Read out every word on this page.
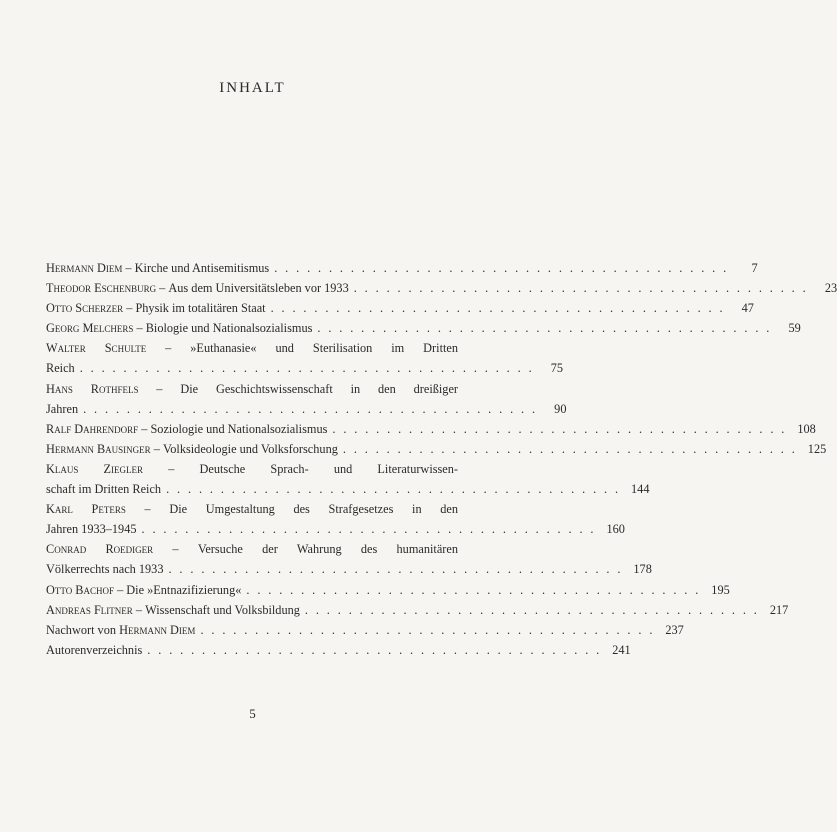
INHALT
Hermann Diem – Kirche und Antisemitismus . . . . . . . . . . . . . . . . . . . . . . . . . . . . . . . . . . . . . . . . . .	7
Theodor Eschenburg – Aus dem Universitätsleben vor 1933 . . . . . . . . . . . . . . . . . . . . . . . . . . . . . . . . . . . . . . . . . .	23
Otto Scherzer – Physik im totalitären Staat . . . . . . . . . . . . . . . . . . . . . . . . . . . . . . . . . . . . . . . . . .	47
Georg Melchers – Biologie und Nationalsozialismus . . . . . . . . . . . . . . . . . . . . . . . . . . . . . . . . . . . . . . . . . .	59
Walter Schulte – »Euthanasie« und Sterilisation im Dritten
Reich . . . . . . . . . . . . . . . . . . . . . . . . . . . . . . . . . . . . . . . . . .	75
Hans Rothfels – Die Geschichtswissenschaft in den dreißiger
Jahren . . . . . . . . . . . . . . . . . . . . . . . . . . . . . . . . . . . . . . . . . .	90
Ralf Dahrendorf – Soziologie und Nationalsozialismus . . . . . . . . . . . . . . . . . . . . . . . . . . . . . . . . . . . . . . . . . . 108
Hermann Bausinger – Volksideologie und Volksforschung . . . . . . . . . . . . . . . . . . . . . . . . . . . . . . . . . . . . . . . . . . 125
Klaus Ziegler – Deutsche Sprach- und Literaturwissen-
schaft im Dritten Reich . . . . . . . . . . . . . . . . . . . . . . . . . . . . . . . . . . . . . . . . . . 144
Karl Peters – Die Umgestaltung des Strafgesetzes in den
Jahren 1933–1945 . . . . . . . . . . . . . . . . . . . . . . . . . . . . . . . . . . . . . . . . . . 160
Conrad Roediger – Versuche der Wahrung des humanitären
Völkerrechts nach 1933 . . . . . . . . . . . . . . . . . . . . . . . . . . . . . . . . . . . . . . . . . . 178
Otto Bachof – Die »Entnazifizierung« . . . . . . . . . . . . . . . . . . . . . . . . . . . . . . . . . . . . . . . . . . 195
Andreas Flitner – Wissenschaft und Volksbildung . . . . . . . . . . . . . . . . . . . . . . . . . . . . . . . . . . . . . . . . . . 217
Nachwort von
Hermann Diem . . . . . . . . . . . . . . . . . . . . . . . . . . . . . . . . . . . . . . . . . . 237
Autorenverzeichnis . . . . . . . . . . . . . . . . . . . . . . . . . . . . . . . . . . . . . . . . . . 241
5
